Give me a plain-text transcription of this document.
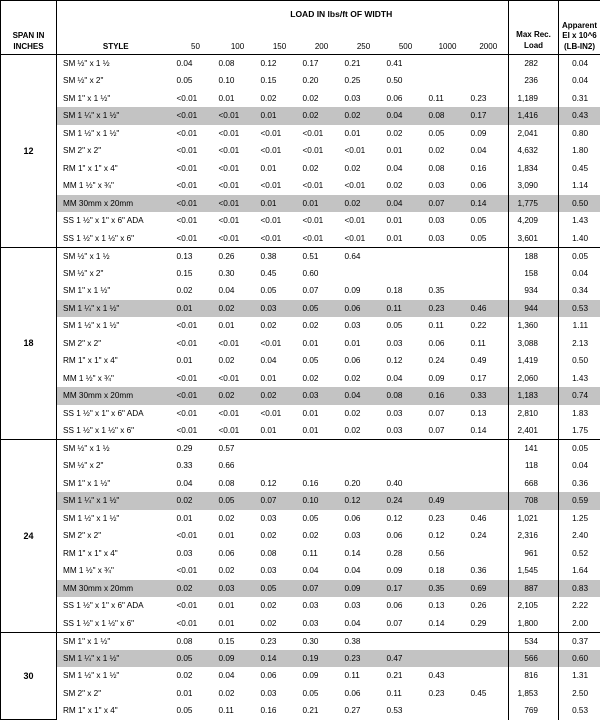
SPAN IN INCHES	STYLE	LOAD IN lbs/ft OF WIDTH								Max Rec. Load	Apparent EI x 10^6 (LB-IN2)
		50	100	150	200	250	500	1000	2000		
12	SM ½" x 1 ½	0.04	0.08	0.12	0.17	0.21	0.41			282	0.04
	SM ½" x 2"	0.05	0.10	0.15	0.20	0.25	0.50			236	0.04
	SM 1" x 1 ½"	<0.01	0.01	0.02	0.02	0.03	0.06	0.11	0.23	1,189	0.31
	SM 1 ¼" x 1 ½"	<0.01	<0.01	0.01	0.02	0.02	0.04	0.08	0.17	1,416	0.43
	SM 1 ½" x 1 ½"	<0.01	<0.01	<0.01	<0.01	0.01	0.02	0.05	0.09	2,041	0.80
	SM 2" x 2"	<0.01	<0.01	<0.01	<0.01	<0.01	0.01	0.02	0.04	4,632	1.80
	RM 1" x 1" x 4"	<0.01	<0.01	0.01	0.02	0.02	0.04	0.08	0.16	1,834	0.45
	MM 1 ½" x ¾"	<0.01	<0.01	<0.01	<0.01	<0.01	0.02	0.03	0.06	3,090	1.14
	MM 30mm x 20mm	<0.01	<0.01	0.01	0.01	0.02	0.04	0.07	0.14	1,775	0.50
	SS 1 ½" x 1" x 6" ADA	<0.01	<0.01	<0.01	<0.01	<0.01	0.01	0.03	0.05	4,209	1.43
	SS 1 ½" x 1 ½" x 6"	<0.01	<0.01	<0.01	<0.01	<0.01	0.01	0.03	0.05	3,601	1.40
18	SM ½" x 1 ½	0.13	0.26	0.38	0.51	0.64				188	0.05
	SM ½" x 2"	0.15	0.30	0.45	0.60					158	0.04
	SM 1" x 1 ½"	0.02	0.04	0.05	0.07	0.09	0.18	0.35		934	0.34
	SM 1 ¼" x 1 ½"	0.01	0.02	0.03	0.05	0.06	0.11	0.23	0.46	944	0.53
	SM 1 ½" x 1 ½"	<0.01	0.01	0.02	0.02	0.03	0.05	0.11	0.22	1,360	1.11
	SM 2" x 2"	<0.01	<0.01	<0.01	0.01	0.01	0.03	0.06	0.11	3,088	2.13
	RM 1" x 1" x 4"	0.01	0.02	0.04	0.05	0.06	0.12	0.24	0.49	1,419	0.50
	MM 1 ½" x ¾"	<0.01	<0.01	0.01	0.02	0.02	0.04	0.09	0.17	2,060	1.43
	MM 30mm x 20mm	<0.01	0.02	0.02	0.03	0.04	0.08	0.16	0.33	1,183	0.74
	SS 1 ½" x 1" x 6" ADA	<0.01	<0.01	<0.01	0.01	0.02	0.03	0.07	0.13	2,810	1.83
	SS 1 ½" x 1 ½" x 6"	<0.01	<0.01	0.01	0.01	0.02	0.03	0.07	0.14	2,401	1.75
24	SM ½" x 1 ½	0.29	0.57							141	0.05
	SM ½" x 2"	0.33	0.66							118	0.04
	SM 1" x 1 ½"	0.04	0.08	0.12	0.16	0.20	0.40			668	0.36
	SM 1 ¼" x 1 ½"	0.02	0.05	0.07	0.10	0.12	0.24	0.49		708	0.59
	SM 1 ½" x 1 ½"	0.01	0.02	0.03	0.05	0.06	0.12	0.23	0.46	1,021	1.25
	SM 2" x 2"	<0.01	0.01	0.02	0.02	0.03	0.06	0.12	0.24	2,316	2.40
	RM 1" x 1" x 4"	0.03	0.06	0.08	0.11	0.14	0.28	0.56		961	0.52
	MM 1 ½" x ¾"	<0.01	0.02	0.03	0.04	0.04	0.09	0.18	0.36	1,545	1.64
	MM 30mm x 20mm	0.02	0.03	0.05	0.07	0.09	0.17	0.35	0.69	887	0.83
	SS 1 ½" x 1" x 6" ADA	<0.01	0.01	0.02	0.03	0.03	0.06	0.13	0.26	2,105	2.22
	SS 1 ½" x 1 ½" x 6"	<0.01	0.01	0.02	0.03	0.04	0.07	0.14	0.29	1,800	2.00
30	SM 1" x 1 ½"	0.08	0.15	0.23	0.30	0.38				534	0.37
	SM 1 ¼" x 1 ½"	0.05	0.09	0.14	0.19	0.23	0.47			566	0.60
	SM 1 ½" x 1 ½"	0.02	0.04	0.06	0.09	0.11	0.21	0.43		816	1.31
	SM 2" x 2"	0.01	0.02	0.03	0.05	0.06	0.11	0.23	0.45	1,853	2.50
	RM 1" x 1" x 4"	0.05	0.11	0.16	0.21	0.27	0.53			769	0.53
